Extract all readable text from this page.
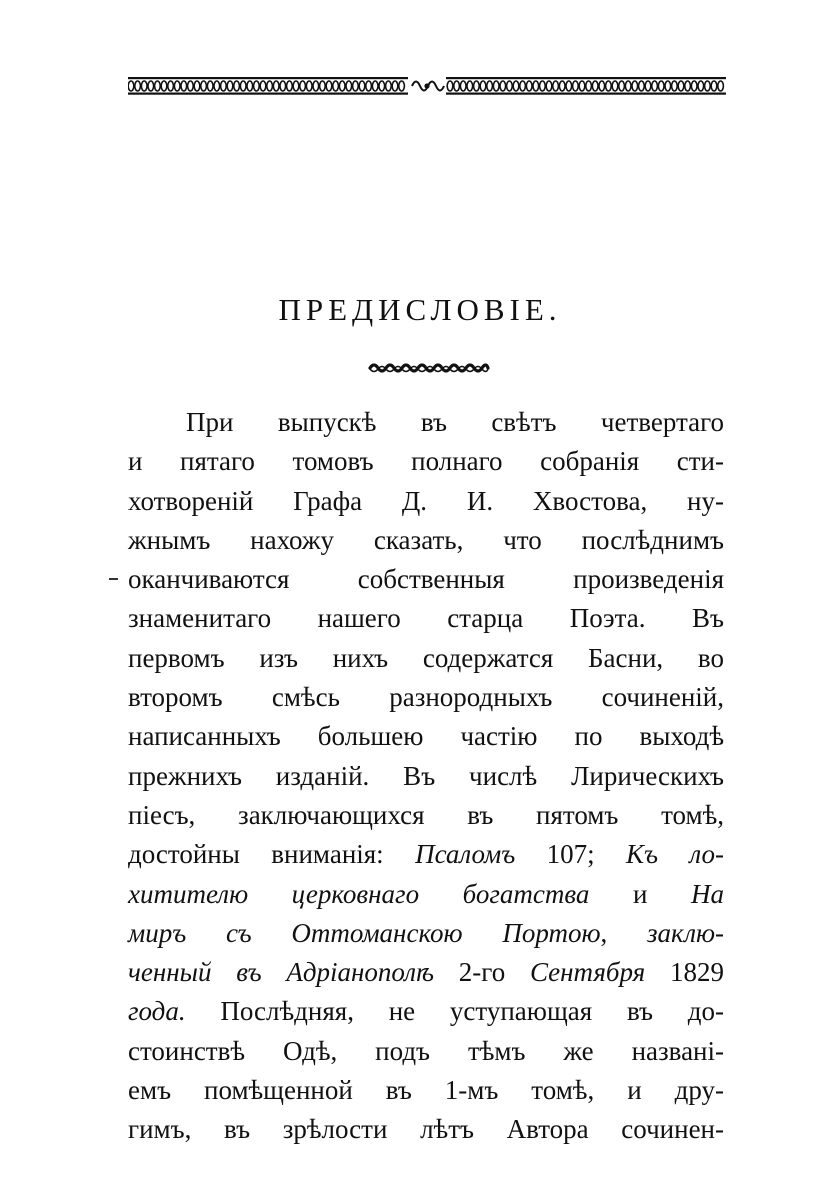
ПРЕДИСЛОВІЕ.
При выпускѣ въ свѣтъ четвертаго
и пятаго томовъ полнаго собранія сти-
хотвореній Графа Д. И. Хвостова, ну-
жнымъ нахожу сказать, что послѣднимъ
оканчиваются собственныя произведенія
знаменитаго нашего старца Поэта. Въ
первомъ изъ нихъ содержатся Басни, во
второмъ смѣсь разнородныхъ сочиненій,
написанныхъ большею частію по выходѣ
прежнихъ изданій. Въ числѣ Лирическихъ
піесъ, заключающихся въ пятомъ томѣ,
достойны вниманія: Псаломъ 107; Къ ло-
хитителю церковнаго богатства и На
миръ съ Оттоманскою Портою, заклю-
ченный въ Адріанополѣ 2-го Сентября 1829
года. Послѣдняя, не уступающая въ до-
стоинствѣ Одѣ, подъ тѣмъ же названі-
емъ помѣщенной въ 1-мъ томѣ, и дру-
гимъ, въ зрѣлости лѣтъ Автора сочинен-
